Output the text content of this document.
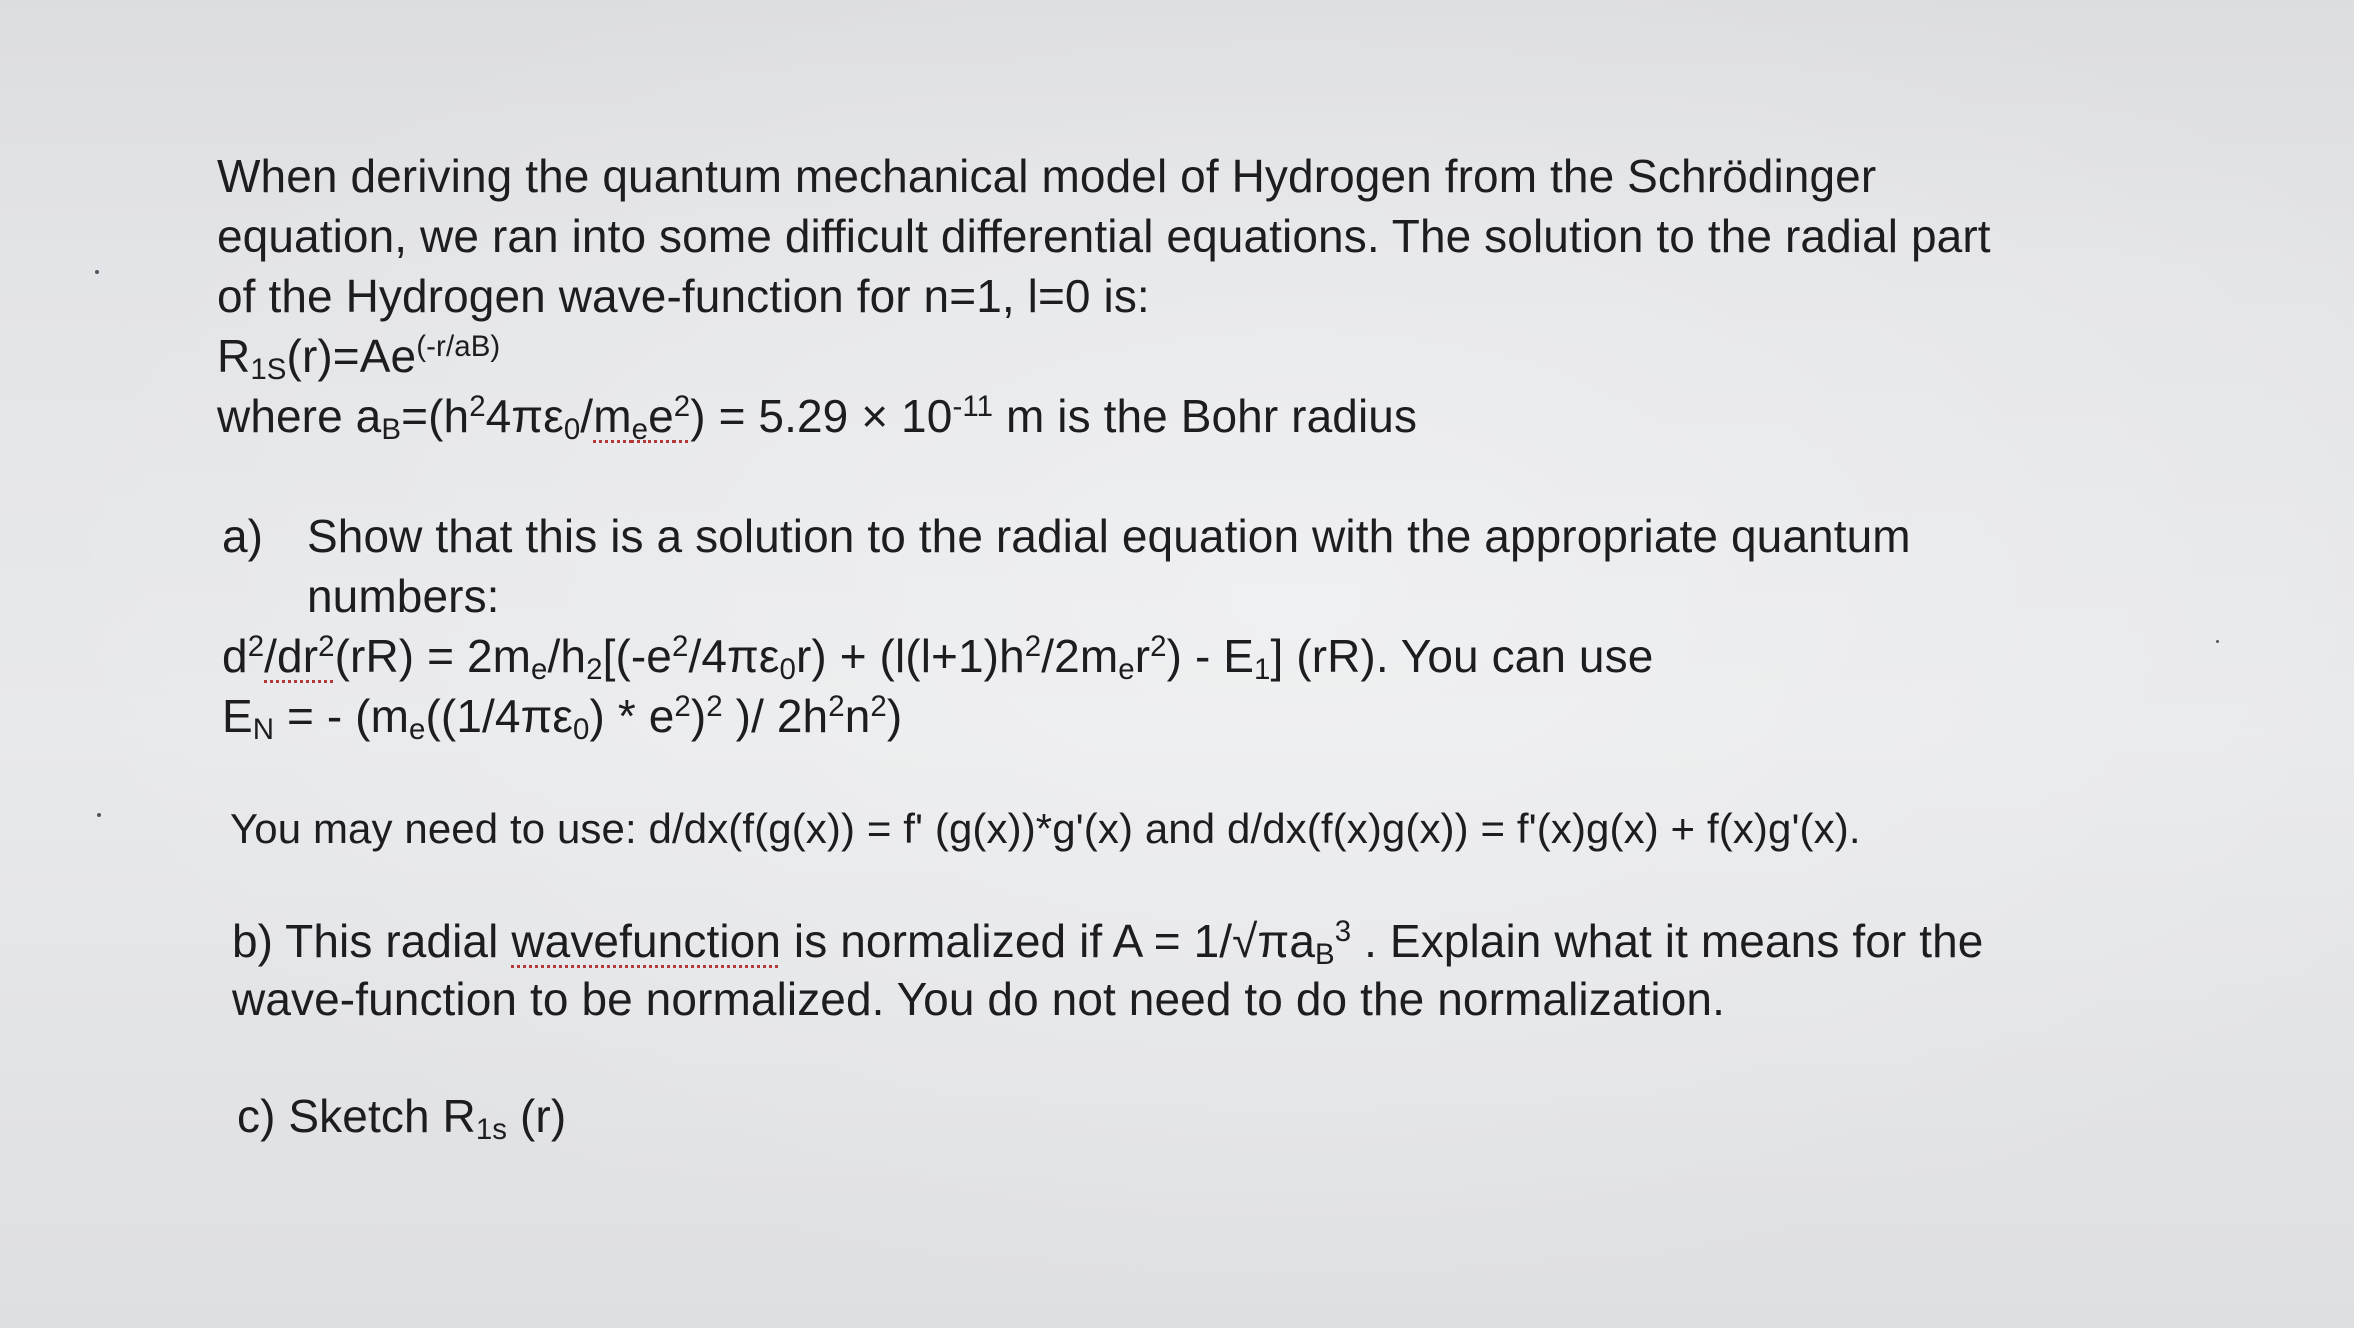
When deriving the quantum mechanical model of Hydrogen from the Schrödinger
equation, we ran into some difficult differential equations. The solution to the radial part
of the Hydrogen wave-function for n=1, l=0 is:
$R_{1S}(r)=Ae^{(-r/aB)}$
where $a_B=(h^24\pi\varepsilon_0/m_ee^2) = 5.29 \times 10^{-11}$ m is the Bohr radius
a) Show that this is a solution to the radial equation with the appropriate quantum
numbers:
$d^2/dr^2(rR) = 2m_e/h_2[(-e^2/4\pi\varepsilon_0r) + (l(l+1)h^2/2m_er^2) - E_1]$ (rR). You can use
$E_N$ = - ($m_e((1/4\pi\varepsilon_0) * e^2)^2$ )/ $2h^2n^2$)
You may need to use: d/dx(f(g(x)) = f' (g(x))*g'(x) and d/dx(f(x)g(x)) = f'(x)g(x) + f(x)g'(x).
b) This radial wavefunction is normalized if $A = 1/√\pi a_B^3$ . Explain what it means for the
wave-function to be normalized. You do not need to do the normalization.
c) Sketch $R_{1s}$ (r)
